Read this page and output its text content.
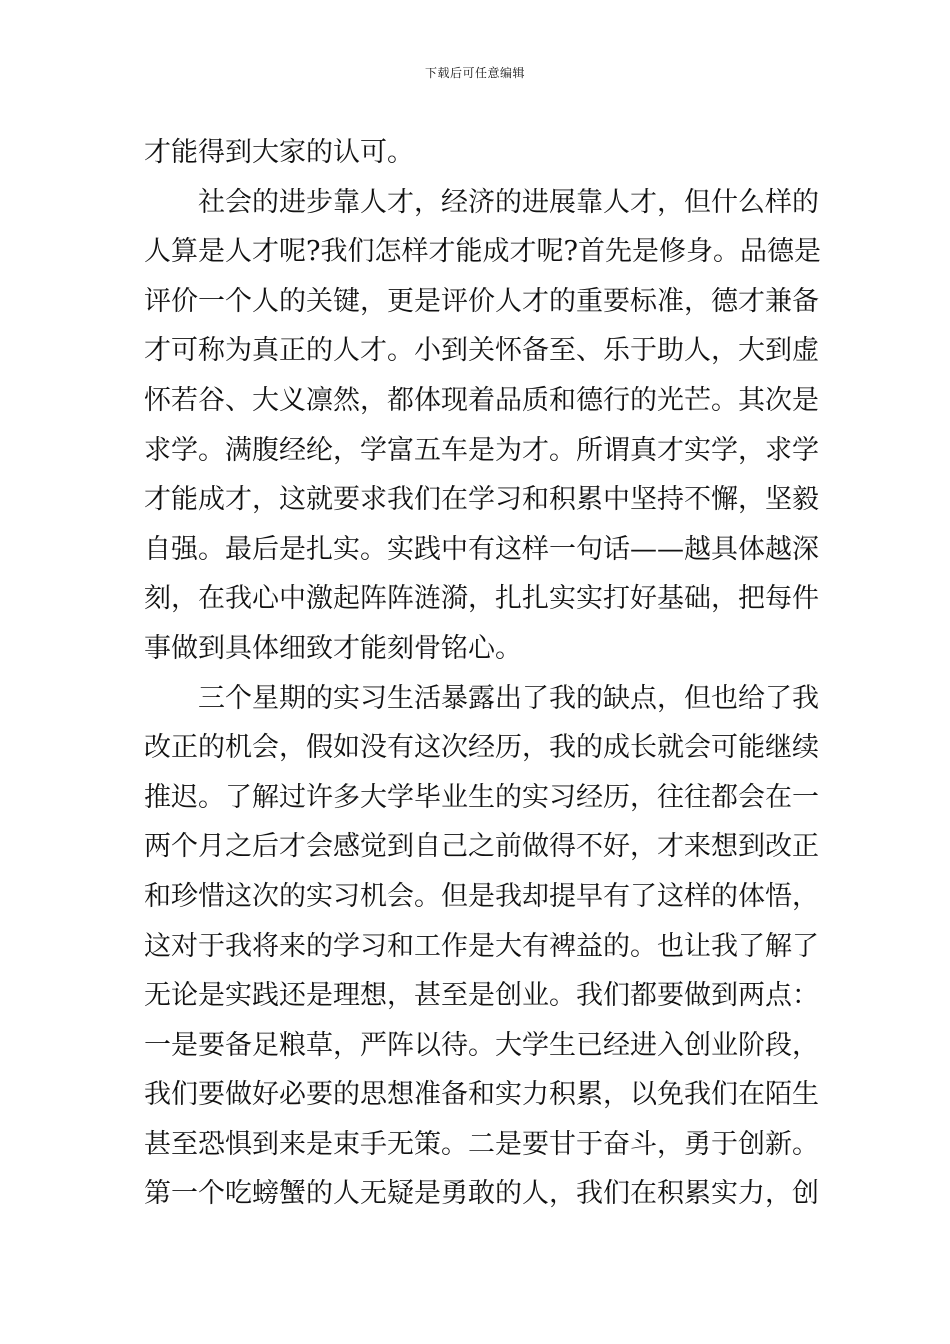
下载后可任意编辑
才能得到大家的认可。
社会的进步靠人才，经济的进展靠人才，但什么样的
人算是人才呢?我们怎样才能成才呢?首先是修身。品德是
评价一个人的关键，更是评价人才的重要标准，德才兼备
才可称为真正的人才。小到关怀备至、乐于助人，大到虚
怀若谷、大义凛然，都体现着品质和德行的光芒。其次是
求学。满腹经纶，学富五车是为才。所谓真才实学，求学
才能成才，这就要求我们在学习和积累中坚持不懈，坚毅
自强。最后是扎实。实践中有这样一句话——越具体越深
刻，在我心中激起阵阵涟漪，扎扎实实打好基础，把每件
事做到具体细致才能刻骨铭心。
三个星期的实习生活暴露出了我的缺点，但也给了我
改正的机会，假如没有这次经历，我的成长就会可能继续
推迟。了解过许多大学毕业生的实习经历，往往都会在一
两个月之后才会感觉到自己之前做得不好，才来想到改正
和珍惜这次的实习机会。但是我却提早有了这样的体悟，
这对于我将来的学习和工作是大有裨益的。也让我了解了
无论是实践还是理想，甚至是创业。我们都要做到两点：
一是要备足粮草，严阵以待。大学生已经进入创业阶段，
我们要做好必要的思想准备和实力积累，以免我们在陌生
甚至恐惧到来是束手无策。二是要甘于奋斗，勇于创新。
第一个吃螃蟹的人无疑是勇敢的人，我们在积累实力，创
